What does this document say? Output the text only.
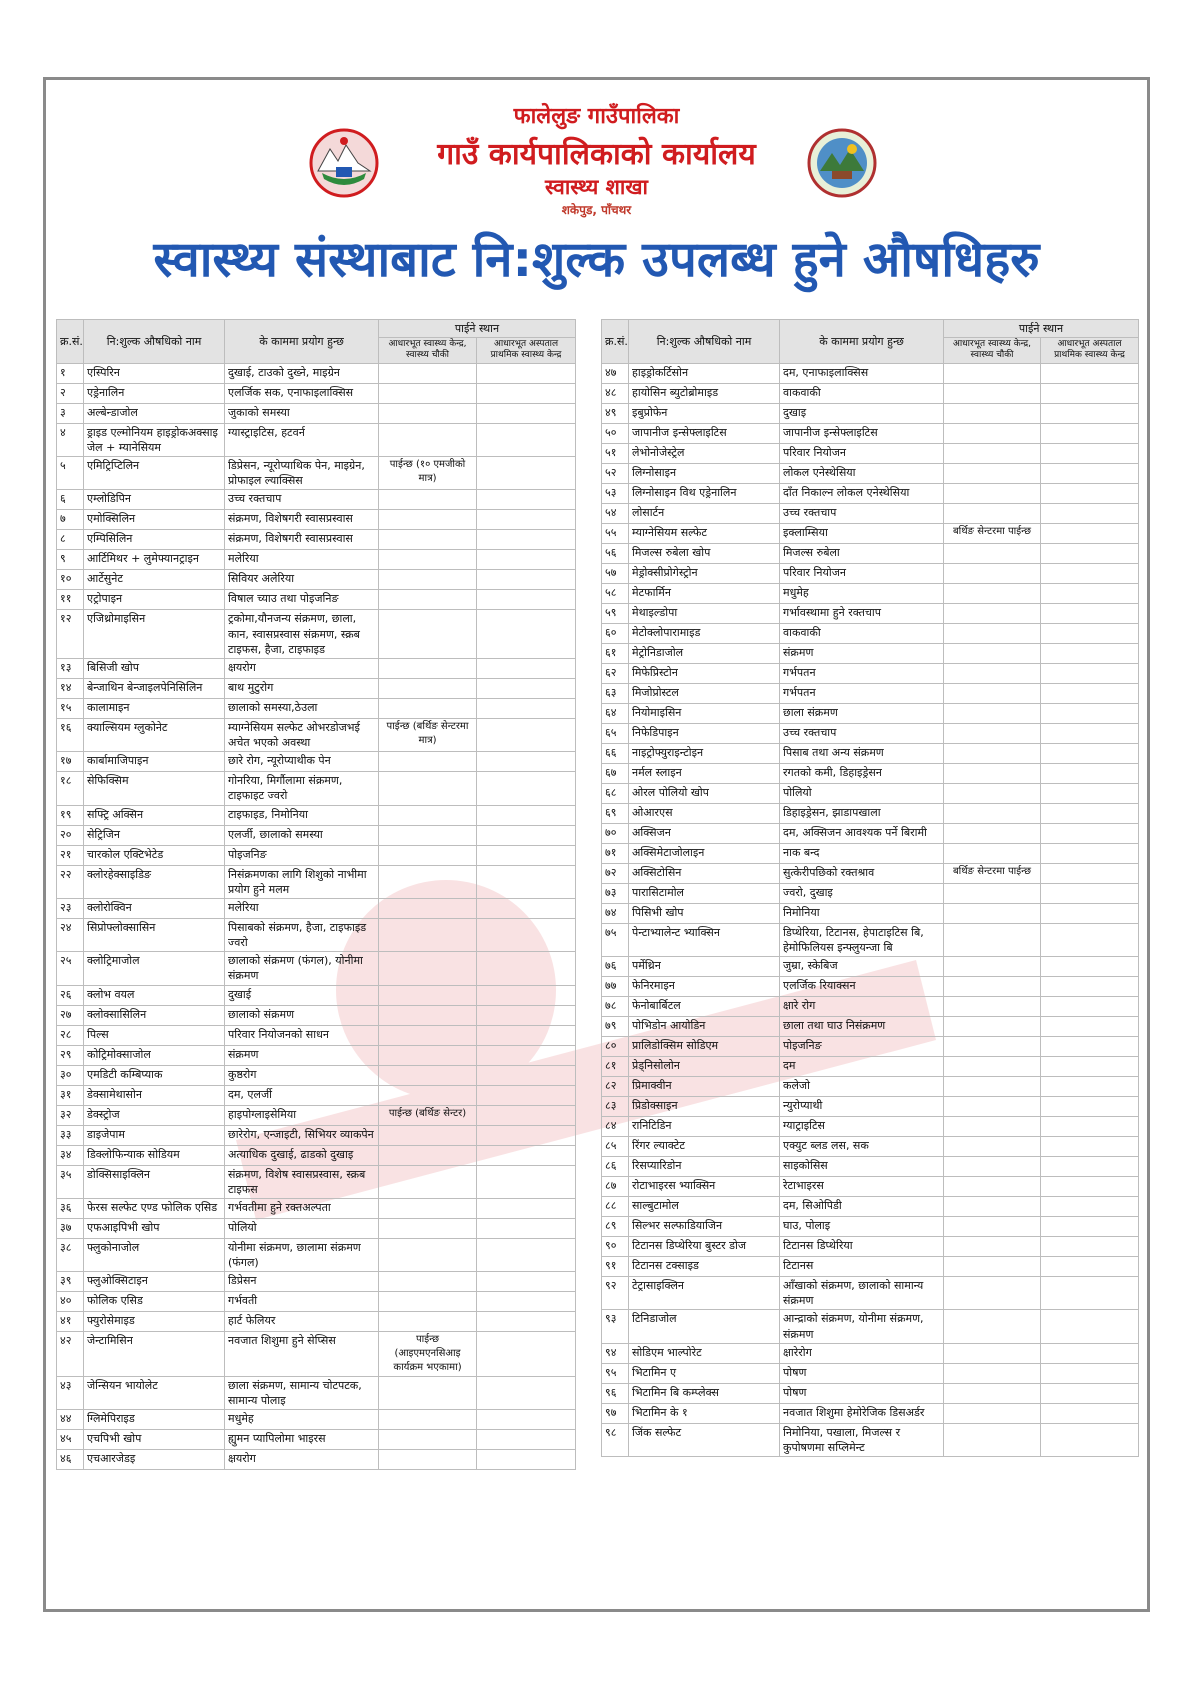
फालेलुङ गाउँपालिका
गाउँ कार्यपालिकाको कार्यालय
स्वास्थ्य शाखा
शकेपुड, पाँचथर
स्वास्थ्य संस्थाबाट नि:शुल्क उपलब्ध हुने औषधिहरु
क्र.सं.	नि:शुल्क औषधिको नाम	के काममा प्रयोग हुन्छ	पाईने स्थान	
			आधारभूत स्वास्थ्य केन्द्र, स्वास्थ्य चौकी	आधारभूत अस्पताल प्राथमिक स्वास्थ्य केन्द्र
१	एस्पिरिन	दुखाई, टाउको दुख्ने, माइग्रेन		
२	एड्रेनालिन	एलर्जिक सक, एनाफाइलाक्सिस		
३	अल्बेन्डाजोल	जुकाको समस्या		
४	ड्राइड एल्मोनियम हाइड्रोकअक्साइ जेल + म्यानेसियम	ग्यास्ट्राइटिस, हटवर्न		
५	एमिट्रिप्टिलिन	डिप्रेसन, न्यूरोप्याथिक पेन, माइग्रेन, प्रोफाइल ल्याक्सिस	पाईन्छ (१० एमजीको मात्र)	
६	एम्लोडिपिन	उच्च रक्तचाप		
७	एमोक्सिलिन	संक्रमण, विशेषगरी स्वासप्रस्वास		
८	एम्पिसिलिन	संक्रमण, विशेषगरी स्वासप्रस्वास		
९	आर्टिमिथर + लुमेफ्यानट्राइन	मलेरिया		
१०	आर्टेसुनेट	सिवियर अलेरिया		
११	एट्रोपाइन	विषाल च्याउ तथा पोइजनिङ		
१२	एजिथ्रोमाइसिन	ट्रकोमा,यौनजन्य संक्रमण, छाला, कान, स्वासप्रस्वास संक्रमण, स्क्रब टाइफस, हैजा, टाइफाइड		
१३	बिसिजी खोप	क्षयरोग		
१४	बेन्जाथिन बेन्जाइलपेनिसिलिन	बाथ मुटुरोग		
१५	कालामाइन	छालाको समस्या,ठेउला		
१६	क्याल्सियम ग्लुकोनेट	म्याग्नेसियम सल्फेट ओभरडोजभई अचेत भएको अवस्था	पाईन्छ (बर्थिङ सेन्टरमा मात्र)	
१७	कार्बामाजिपाइन	छारे रोग, न्यूरोप्याथीक पेन		
१८	सेफिक्सिम	गोनरिया, मिर्गौलामा संक्रमण, टाइफाइट ज्वरो		
१९	सफ्ट्रि अक्सिन	टाइफाइड, निमोनिया		
२०	सेट्रिजिन	एलर्जी, छालाको समस्या		
२१	चारकोल एक्टिभेटेड	पोइजनिङ		
२२	क्लोरहेक्साइडिङ	निसंक्रमणका लागि शिशुको नाभीमा प्रयोग हुने मलम		
२३	क्लोरोक्विन	मलेरिया		
२४	सिप्रोफ्लोक्सासिन	पिसाबको संक्रमण, हैजा, टाइफाइड ज्वरो		
२५	क्लोट्रिमाजोल	छालाको संक्रमण (फंगल), योनीमा संक्रमण		
२६	क्लोभ वयल	दुखाई		
२७	क्लोक्सासिलिन	छालाको संक्रमण		
२८	पिल्स	परिवार नियोजनको साधन		
२९	कोट्रिमोक्साजोल	संक्रमण		
३०	एमडिटी कम्बिप्याक	कुष्ठरोग		
३१	डेक्सामेथासोन	दम, एलर्जी		
३२	डेक्स्ट्रोज	हाइपोग्लाइसेमिया	पाईन्छ (बर्थिङ सेन्टर)	
३३	डाइजेपाम	छारेरोग, एन्जाइटी, सिभियर व्याकपेन		
३४	डिक्लोफिन्याक सोडियम	अत्याधिक दुखाई, ढाडको दुखाइ		
३५	डोक्सिसाइक्लिन	संक्रमण, विशेष स्वासप्रस्वास, स्क्रब टाइफस		
३६	फेरस सल्फेट एण्ड फोलिक एसिड	गर्भवतीमा हुने रक्तअल्पता		
३७	एफआइपिभी खोप	पोलियो		
३८	फ्लुकोनाजोल	योनीमा संक्रमण, छालामा संक्रमण (फंगल)		
३९	फ्लुओक्सिटाइन	डिप्रेसन		
४०	फोलिक एसिड	गर्भवती		
४१	फ्युरोसेमाइड	हार्ट फेलियर		
४२	जेन्टामिसिन	नवजात शिशुमा हुने सेप्सिस	पाईन्छ (आइएमएनसिआइ कार्यक्रम भएकामा)	
४३	जेन्सियन भायोलेट	छाला संक्रमण, सामान्य चोटपटक, सामान्य पोलाइ		
४४	ग्लिमेपिराइड	मधुमेह		
४५	एचपिभी खोप	ह्युमन प्यापिलोमा भाइरस		
४६	एचआरजेडइ	क्षयरोग		
क्र.सं.	नि:शुल्क औषधिको नाम	के काममा प्रयोग हुन्छ	पाईने स्थान	
			आधारभूत स्वास्थ्य केन्द्र, स्वास्थ्य चौकी	आधारभूत अस्पताल प्राथमिक स्वास्थ्य केन्द्र
४७	हाइड्रोकर्टिसोन	दम, एनाफाइलाक्सिस		
४८	हायोसिन ब्युटोब्रोमाइड	वाकवाकी		
४९	इबुप्रोफेन	दुखाइ		
५०	जापानीज इन्सेफ्लाइटिस	जापानीज इन्सेफ्लाइटिस		
५१	लेभोनोजेस्ट्रेल	परिवार नियोजन		
५२	लिग्नोसाइन	लोकल एनेस्थेसिया		
५३	लिग्नोसाइन विथ एड्रेनालिन	दाँत निकाल्न लोकल एनेस्थेसिया		
५४	लोसार्टन	उच्च रक्तचाप		
५५	म्याग्नेसियम सल्फेट	इक्लाम्सिया	बर्थिङ सेन्टरमा पाईन्छ	
५६	मिजल्स रुबेला खोप	मिजल्स रुबेला		
५७	मेड्रोक्सीप्रोगेस्ट्रोन	परिवार नियोजन		
५८	मेटफार्मिन	मधुमेह		
५९	मेथाइल्डोपा	गर्भावस्थामा हुने रक्तचाप		
६०	मेटोक्लोपारामाइड	वाकवाकी		
६१	मेट्रोनिडाजोल	संक्रमण		
६२	मिफेप्रिस्टोन	गर्भपतन		
६३	मिजोप्रोस्टल	गर्भपतन		
६४	नियोमाइसिन	छाला संक्रमण		
६५	निफेडिपाइन	उच्च रक्तचाप		
६६	नाइट्रोफ्युराइन्टोइन	पिसाब तथा अन्य संक्रमण		
६७	नर्मल स्लाइन	रगतको कमी, डिहाइड्रेसन		
६८	ओरल पोलियो खोप	पोलियो		
६९	ओआरएस	डिहाइड्रेसन, झाडापखाला		
७०	अक्सिजन	दम, अक्सिजन आवश्यक पर्ने बिरामी		
७१	अक्सिमेटाजोलाइन	नाक बन्द		
७२	अक्सिटोसिन	सुत्केरीपछिको रक्तश्राव	बर्थिङ सेन्टरमा पाईन्छ	
७३	पारासिटामोल	ज्वरो, दुखाइ		
७४	पिसिभी खोप	निमोनिया		
७५	पेन्टाभ्यालेन्ट भ्याक्सिन	डिप्थेरिया, टिटानस, हेपाटाइटिस बि, हेमोफिलियस इन्फ्लुयन्जा बि		
७६	पर्मेथ्रिन	जुम्रा, स्केबिज		
७७	फेनिरमाइन	एलर्जिक रियाक्सन		
७८	फेनोबार्बिटल	क्षारे रोग		
७९	पोभिडोन आयोडिन	छाला तथा घाउ निसंक्रमण		
८०	प्रालिडोक्सिम सोडिएम	पोइजनिङ		
८१	प्रेड्निसोलोन	दम		
८२	प्रिमाक्वीन	कलेजो		
८३	प्रिडोक्साइन	न्युरोप्याथी		
८४	रानिटिडिन	ग्याट्राइटिस		
८५	रिंगर ल्याक्टेट	एक्युट ब्लड लस, सक		
८६	रिसप्यारिडोन	साइकोसिस		
८७	रोटाभाइरस भ्याक्सिन	रेटाभाइरस		
८८	साल्बुटामोल	दम, सिओपिडी		
८९	सिल्भर सल्फाडियाजिन	घाउ, पोलाइ		
९०	टिटानस डिप्थेरिया बुस्टर डोज	टिटानस डिप्थेरिया		
९१	टिटानस टक्साइड	टिटानस		
९२	टेट्रासाइक्लिन	आँखाको संक्रमण, छालाको सामान्य संक्रमण		
९३	टिनिडाजोल	आन्द्राको संक्रमण, योनीमा संक्रमण, संक्रमण		
९४	सोडिएम भाल्पोरेट	क्षारेरोग		
९५	भिटामिन ए	पोषण		
९६	भिटामिन बि कम्प्लेक्स	पोषण		
९७	भिटामिन के १	नवजात शिशुमा हेमोरेजिक डिसअर्डर		
९८	जिंक सल्फेट	निमोनिया, पखाला, मिजल्स र कुपोषणमा सप्लिमेन्ट		
